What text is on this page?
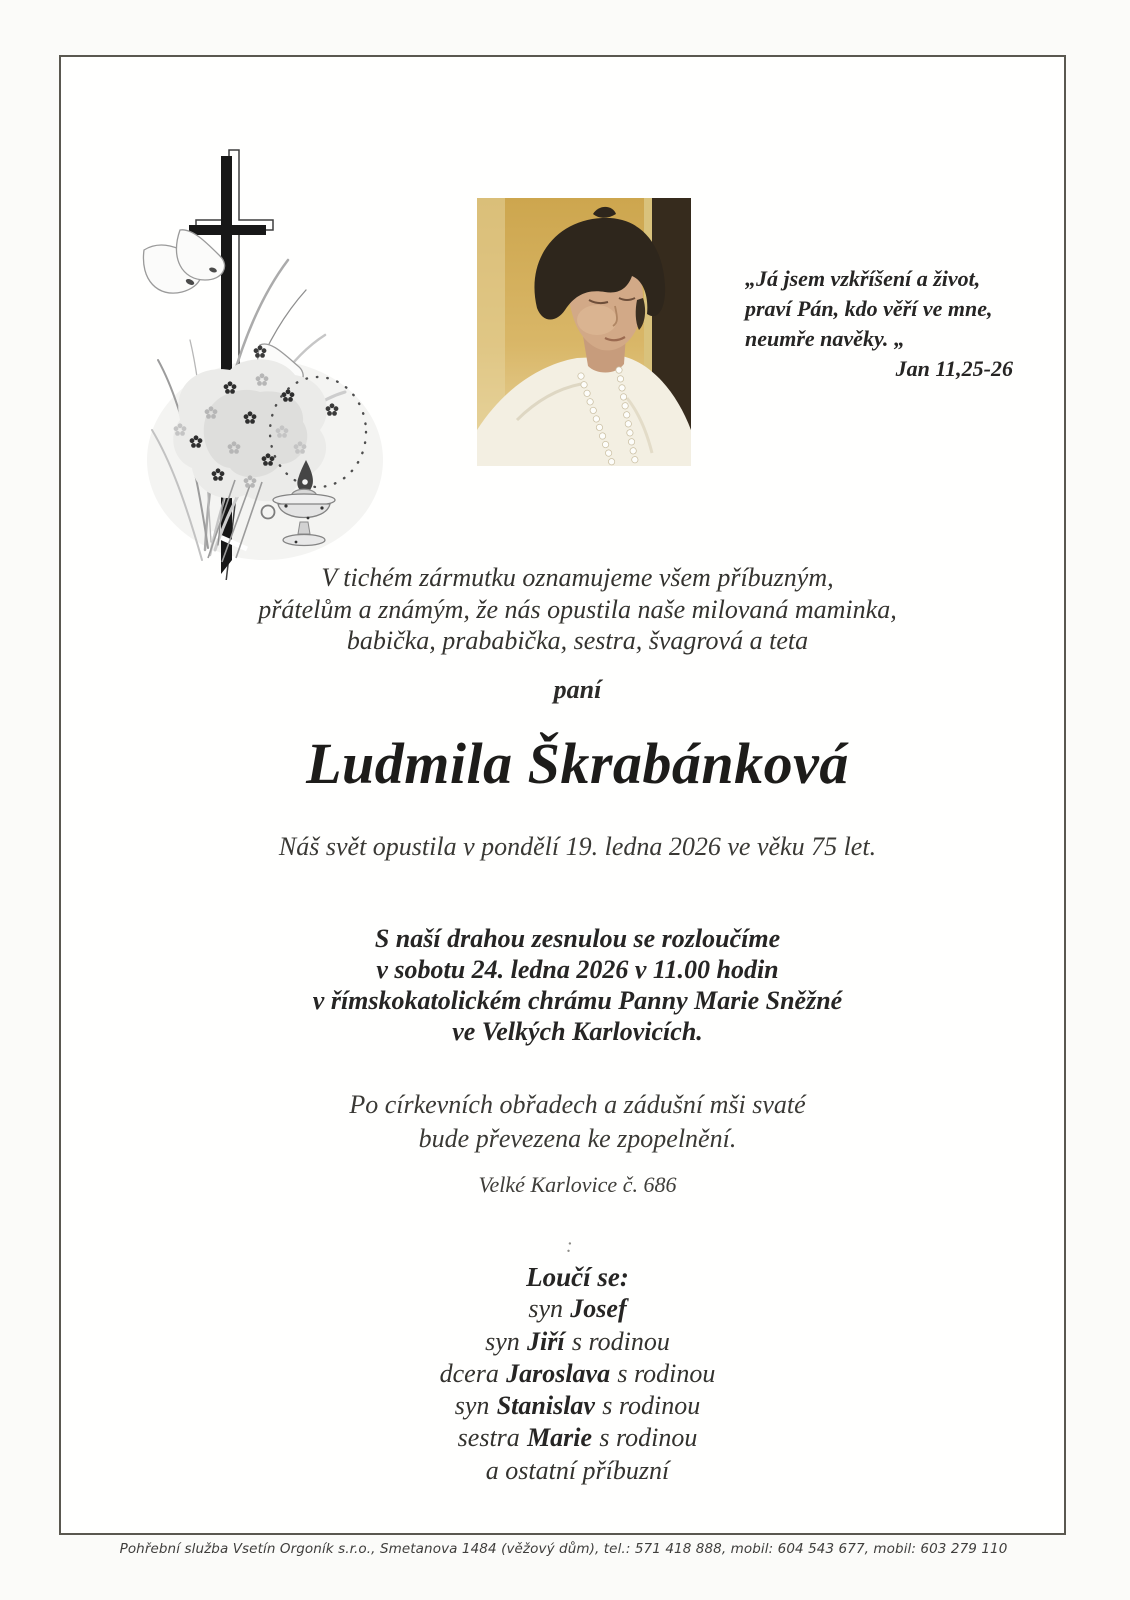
„Já jsem vzkříšení a život,
praví Pán, kdo věří ve mne,
neumře navěky. „
Jan 11,25-26
V tichém zármutku oznamujeme všem příbuzným,
přátelům a známým, že nás opustila naše milovaná maminka,
babička, prababička, sestra, švagrová a teta
paní
Ludmila Škrabánková
Náš svět opustila v pondělí 19. ledna 2026 ve věku 75 let.
S naší drahou zesnulou se rozloučíme
v sobotu 24. ledna 2026 v 11.00 hodin
v římskokatolickém chrámu Panny Marie Sněžné
ve Velkých Karlovicích.
Po církevních obřadech a zádušní mši svaté
bude převezena ke zpopelnění.
Velké Karlovice č. 686
:
Loučí se:
syn Josef
syn Jiří s rodinou
dcera Jaroslava s rodinou
syn Stanislav s rodinou
sestra Marie s rodinou
a ostatní příbuzní
Pohřební služba Vsetín Orgoník s.r.o., Smetanova 1484 (věžový dům), tel.: 571 418 888, mobil: 604 543 677, mobil: 603 279 110
